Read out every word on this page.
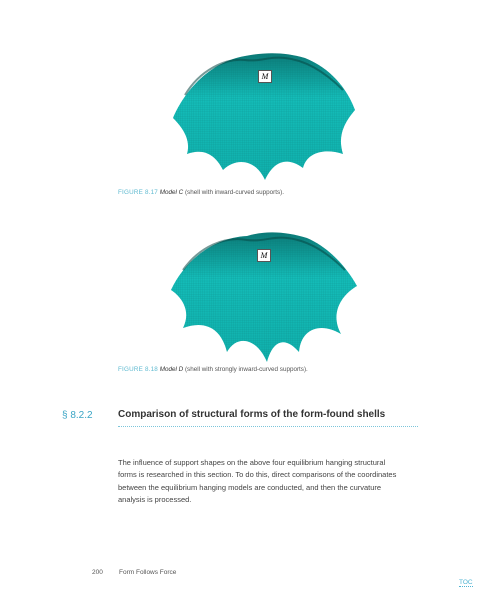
M
FIGURE 8.17 Model C (shell with inward-curved supports).
M
FIGURE 8.18 Model D (shell with strongly inward-curved supports).
§ 8.2.2	Comparison of structural forms of the form-found shells
The influence of support shapes on the above four equilibrium hanging structural
forms is researched in this section. To do this, direct comparisons of the coordinates
between the equilibrium hanging models are conducted, and then the curvature
analysis is processed.
200 Form Follows Force
TOC
